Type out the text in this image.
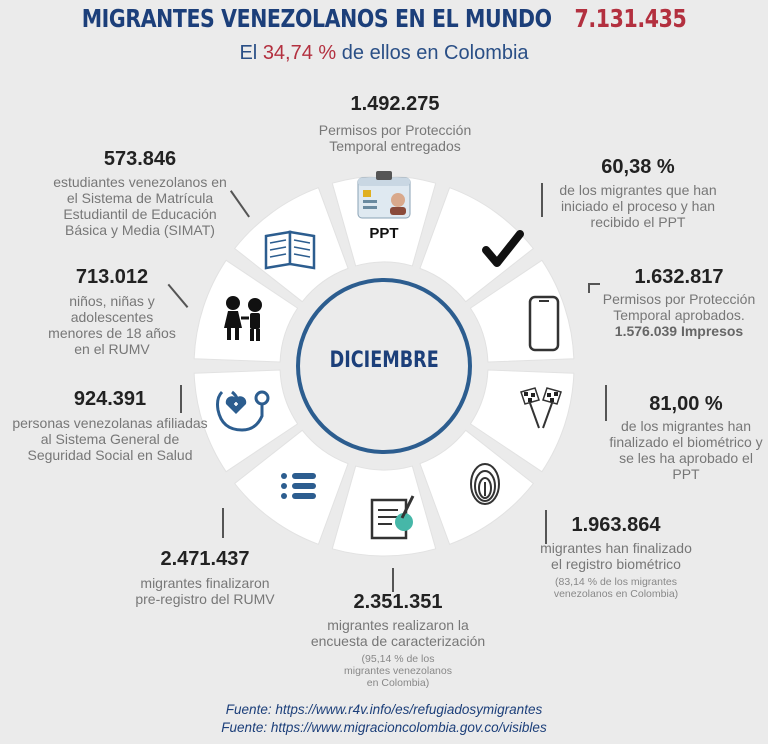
MIGRANTES VENEZOLANOS EN EL MUNDO 7.131.435
El 34,74 % de ellos en Colombia
PPT
DICIEMBRE
1.492.275
Permisos por Protección Temporal entregados
60,38 %
de los migrantes que han iniciado el proceso y han recibido el PPT
1.632.817
Permisos por Protección Temporal aprobados.
1.576.039 Impresos
81,00 %
de los migrantes han finalizado el biométrico y se les ha aprobado el PPT
1.963.864
migrantes han finalizado el registro biométrico
(83,14 % de los migrantes venezolanos en Colombia)
2.351.351
migrantes realizaron la encuesta de caracterización
(95,14 % de los migrantes venezolanos en Colombia)
2.471.437
migrantes finalizaron pre-registro del RUMV
924.391
personas venezolanas afiliadas al Sistema General de Seguridad Social en Salud
713.012
niños, niñas y adolescentes menores de 18 años en el RUMV
573.846
estudiantes venezolanos en el Sistema de Matrícula Estudiantil de Educación Básica y Media (SIMAT)
Fuente: https://www.r4v.info/es/refugiadosymigrantes
Fuente: https://www.migracioncolombia.gov.co/visibles
